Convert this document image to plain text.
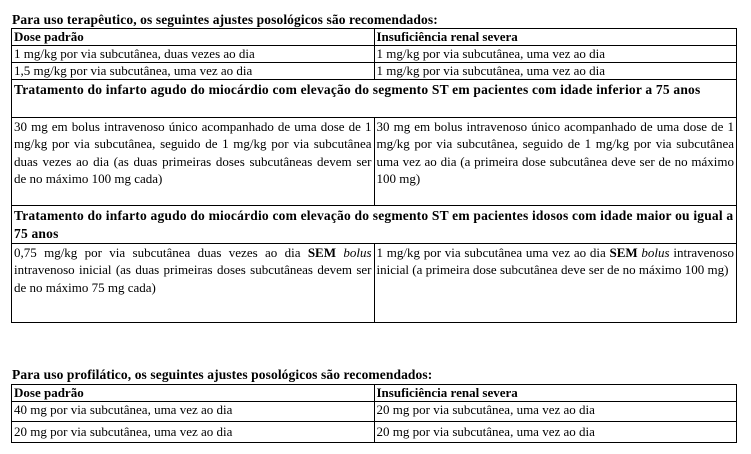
Para uso terapêutico, os seguintes ajustes posológicos são recomendados:
Dose padrão	Insuficiência renal severa
1 mg/kg por via subcutânea, duas vezes ao dia	1 mg/kg por via subcutânea, uma vez ao dia
1,5 mg/kg por via subcutânea, uma vez ao dia	1 mg/kg por via subcutânea, uma vez ao dia
Tratamento do infarto agudo do miocárdio com elevação do segmento ST em pacientes com idade inferior a 75 anos	
30 mg em bolus intravenoso único acompanhado de uma dose de 1 mg/kg por via subcutânea, seguido de 1 mg/kg por via subcutânea duas vezes ao dia (as duas primeiras doses subcutâneas devem ser de no máximo 100 mg cada)	30 mg em bolus intravenoso único acompanhado de uma dose de 1 mg/kg por via subcutânea, seguido de 1 mg/kg por via subcutânea uma vez ao dia (a primeira dose subcutânea deve ser de no máximo 100 mg)
Tratamento do infarto agudo do miocárdio com elevação do segmento ST em pacientes idosos com idade maior ou igual a 75 anos	
0,75 mg/kg por via subcutânea duas vezes ao dia SEM bolus intravenoso inicial (as duas primeiras doses subcutâneas devem ser de no máximo 75 mg cada)	1 mg/kg por via subcutânea uma vez ao dia SEM bolus intravenoso inicial (a primeira dose subcutânea deve ser de no máximo 100 mg)
Para uso profilático, os seguintes ajustes posológicos são recomendados:
Dose padrão	Insuficiência renal severa
40 mg por via subcutânea, uma vez ao dia	20 mg por via subcutânea, uma vez ao dia
20 mg por via subcutânea, uma vez ao dia	20 mg por via subcutânea, uma vez ao dia
